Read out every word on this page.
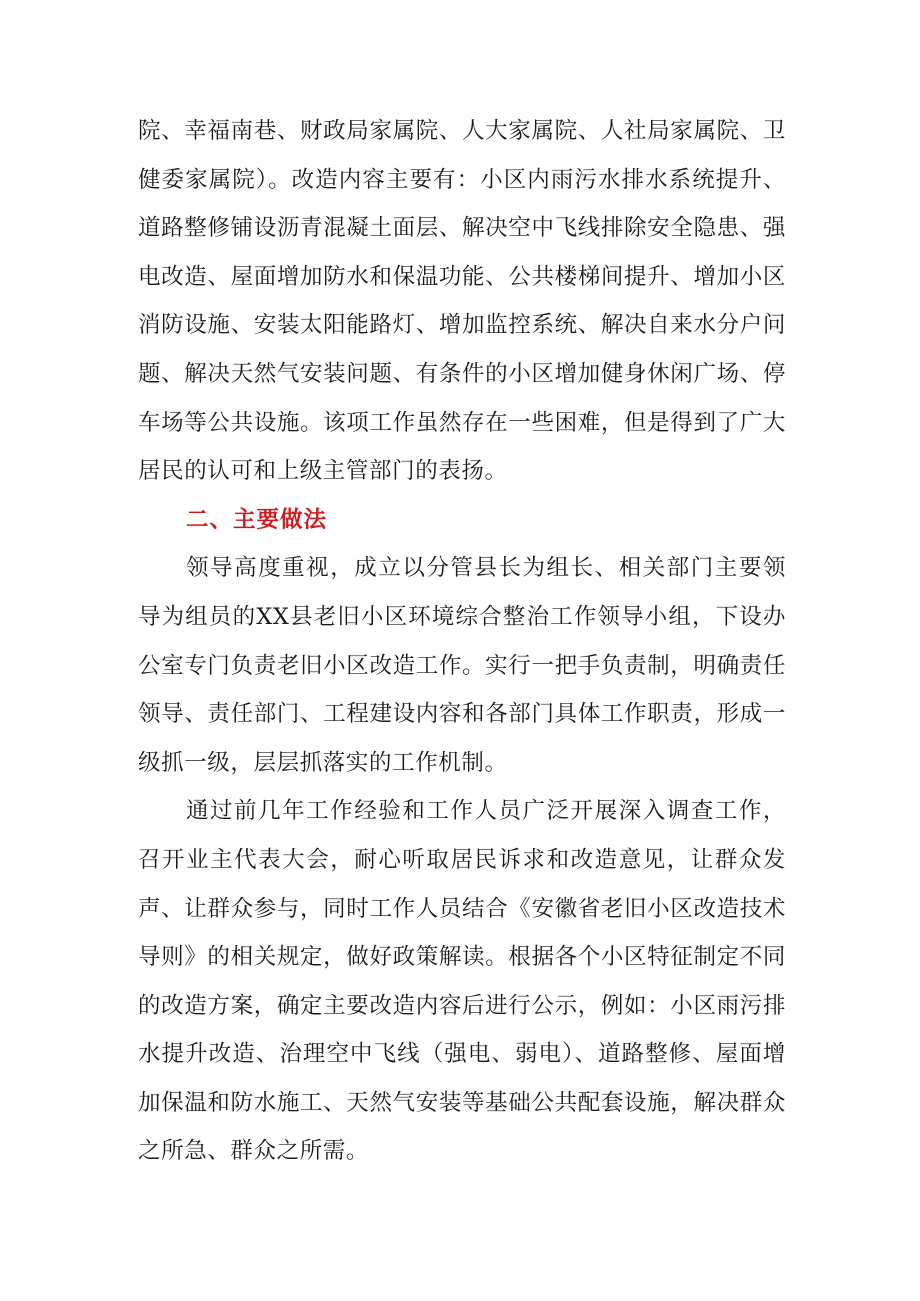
院、幸福南巷、财政局家属院、人大家属院、人社局家属院、卫健委家属院）。改造内容主要有：小区内雨污水排水系统提升、道路整修铺设沥青混凝土面层、解决空中飞线排除安全隐患、强电改造、屋面增加防水和保温功能、公共楼梯间提升、增加小区消防设施、安装太阳能路灯、增加监控系统、解决自来水分户问题、解决天然气安装问题、有条件的小区增加健身休闲广场、停车场等公共设施。该项工作虽然存在一些困难，但是得到了广大居民的认可和上级主管部门的表扬。

二、主要做法

领导高度重视，成立以分管县长为组长、相关部门主要领导为组员的XX县老旧小区环境综合整治工作领导小组，下设办公室专门负责老旧小区改造工作。实行一把手负责制，明确责任领导、责任部门、工程建设内容和各部门具体工作职责，形成一级抓一级，层层抓落实的工作机制。

通过前几年工作经验和工作人员广泛开展深入调查工作，召开业主代表大会，耐心听取居民诉求和改造意见，让群众发声、让群众参与，同时工作人员结合《安徽省老旧小区改造技术导则》的相关规定，做好政策解读。根据各个小区特征制定不同的改造方案，确定主要改造内容后进行公示，例如：小区雨污排水提升改造、治理空中飞线（强电、弱电）、道路整修、屋面增加保温和防水施工、天然气安装等基础公共配套设施，解决群众之所急、群众之所需。
